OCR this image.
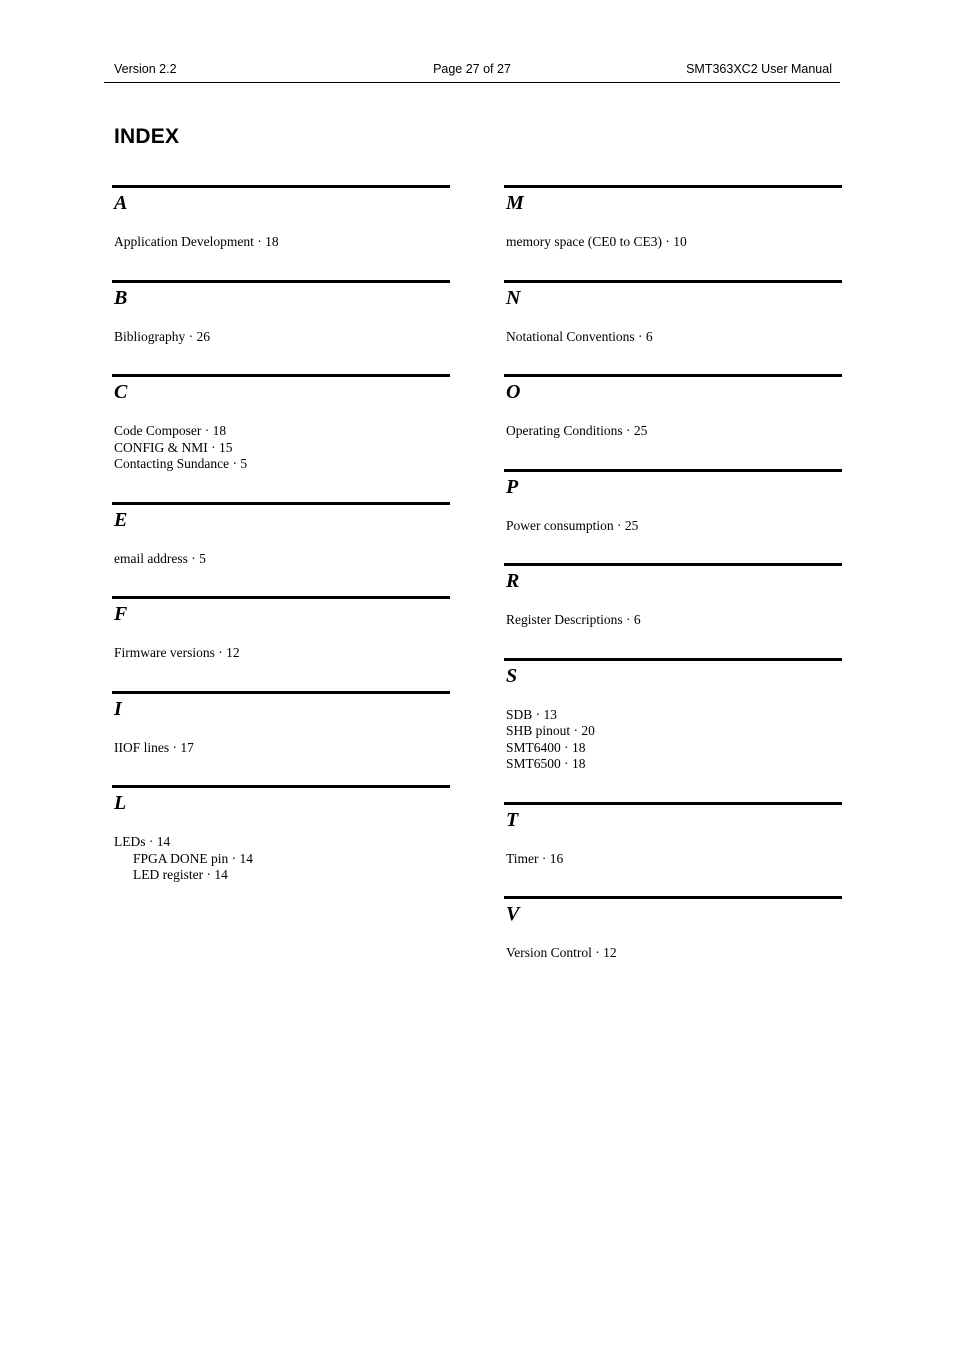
Version 2.2	Page 27 of 27	SMT363XC2 User Manual
INDEX
A
Application Development · 18
B
Bibliography · 26
C
Code Composer · 18
CONFIG & NMI · 15
Contacting Sundance · 5
E
email address · 5
F
Firmware versions · 12
I
IIOF lines · 17
L
LEDs · 14
FPGA DONE pin · 14
LED register · 14
M
memory space (CE0 to CE3) · 10
N
Notational Conventions · 6
O
Operating Conditions · 25
P
Power consumption · 25
R
Register Descriptions · 6
S
SDB · 13
SHB pinout · 20
SMT6400 · 18
SMT6500 · 18
T
Timer · 16
V
Version Control · 12
